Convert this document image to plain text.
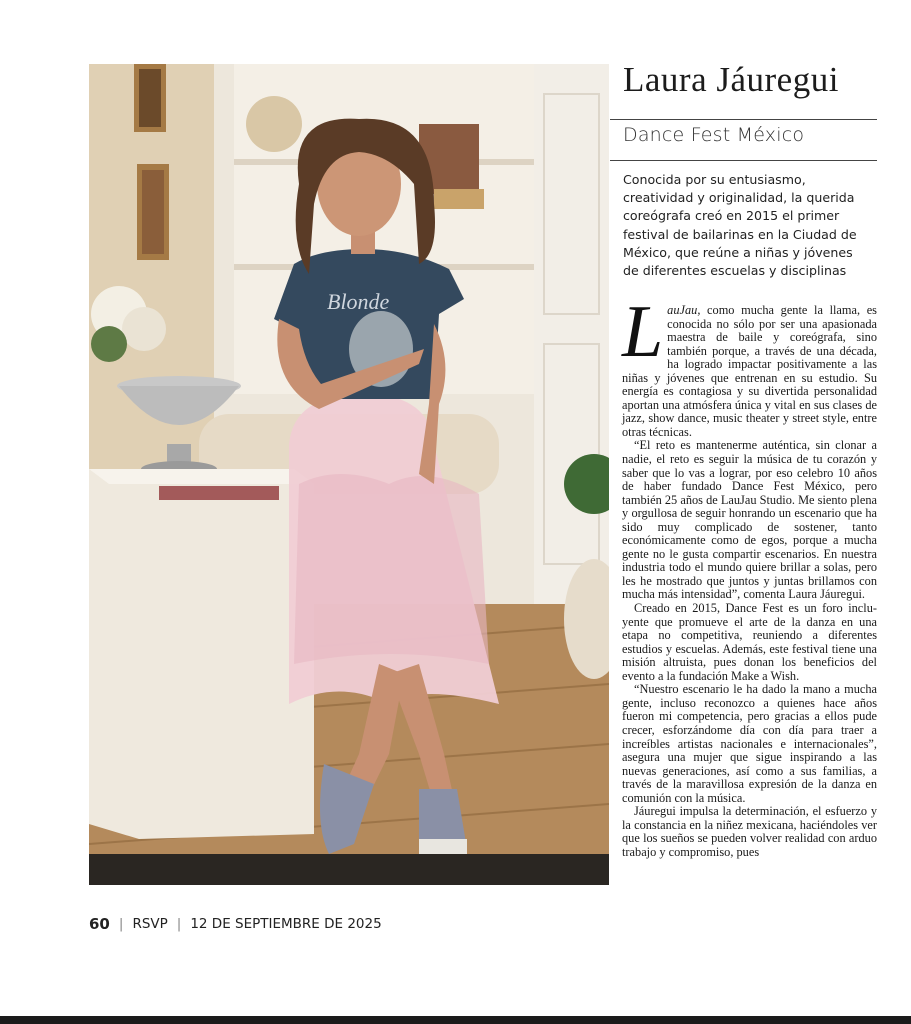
Blonde
Laura Jáuregui
Dance Fest México
Conocida por su entusiasmo, creatividad y originalidad, la querida coreógrafa creó en 2015 el primer festival de bailarinas en la Ciudad de México, que reúne a niñas y jóvenes de diferentes escuelas y disciplinas

LauJau, como mucha gente la llama, es conocida no sólo por ser una apasionada maestra de baile y coreógrafa, sino también porque, a través de una década, ha logrado impactar positivamente a las niñas y jóvenes que entrenan en su estudio. Su energía es contagiosa y su divertida personalidad aportan una atmósfera única y vital en sus clases de jazz, show dance, music theater y street style, entre otras técnicas.

“El reto es mantenerme auténtica, sin clonar a nadie, el reto es seguir la música de tu corazón y saber que lo vas a lograr, por eso celebro 10 años de haber fundado Dance Fest México, pero también 25 años de LauJau Studio. Me siento plena y orgullosa de seguir honrando un escenario que ha sido muy complicado de sostener, tanto económicamente como de egos, porque a mucha gente no le gusta compartir escenarios. En nuestra industria todo el mundo quiere brillar a solas, pero les he mostrado que juntos y juntas brillamos con mucha más intensidad”, comenta Laura Jáuregui.

Creado en 2015, Dance Fest es un foro incluyente que promueve el arte de la danza en una etapa no competitiva, reuniendo a diferentes estudios y escuelas. Además, este festival tiene una misión altruista, pues donan los beneficios del evento a la fundación Make a Wish.

“Nuestro escenario le ha dado la mano a mucha gente, incluso reconozco a quienes hace años fueron mi competencia, pero gracias a ellos pude crecer, esforzándome día con día para traer a increíbles artistas nacionales e internacionales”, asegura una mujer que sigue inspirando a las nuevas generaciones, así como a sus familias, a través de la maravillosa expresión de la danza en comunión con la música.

Jáuregui impulsa la determinación, el esfuerzo y la constancia en la niñez mexicana, haciéndoles ver que los sueños se pueden volver realidad con arduo trabajo y compromiso, pues

60 | RSVP | 12 DE SEPTIEMBRE DE 2025
